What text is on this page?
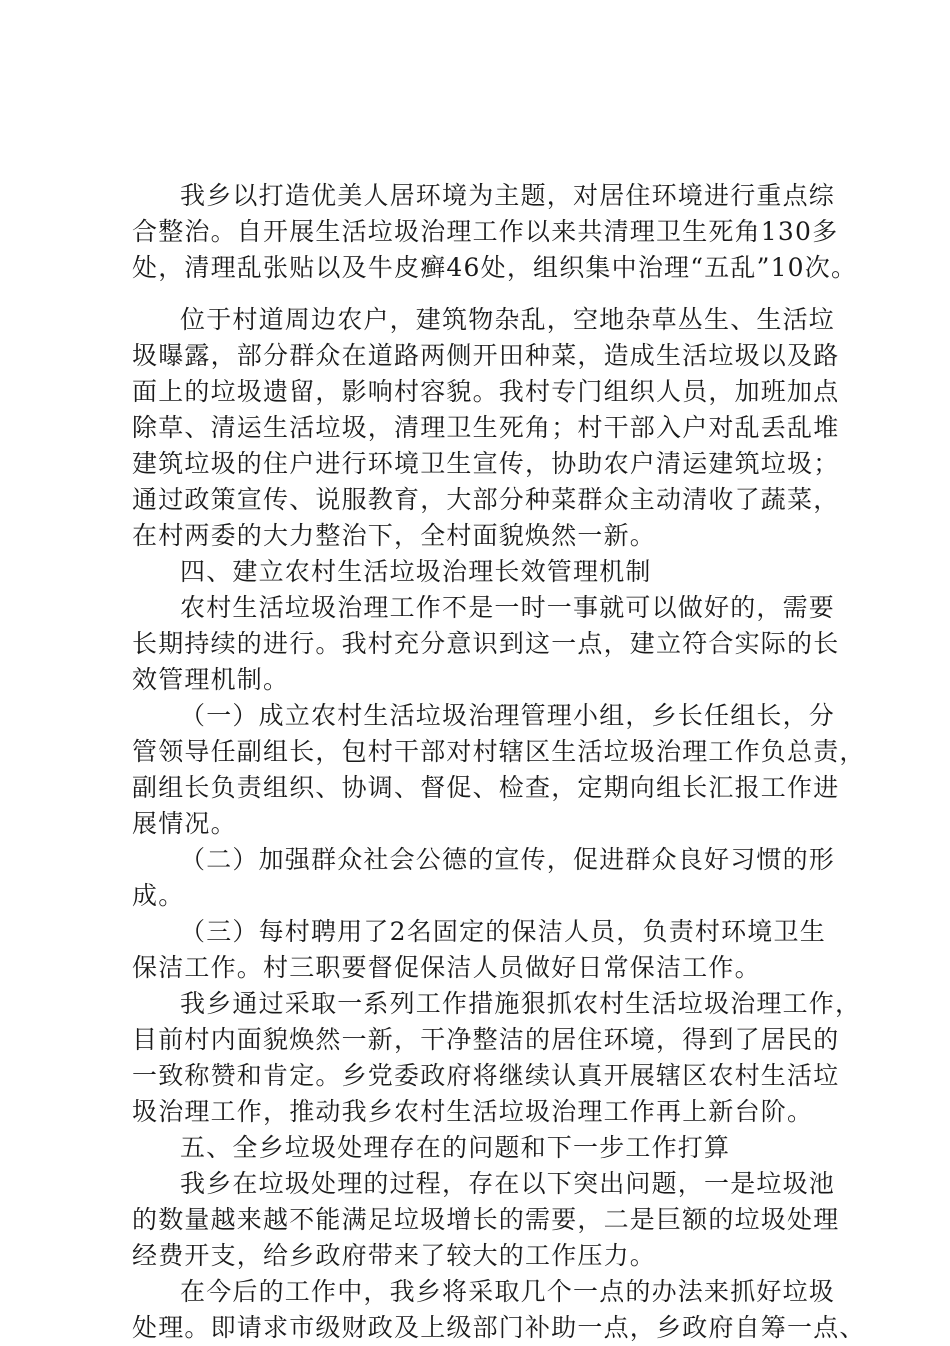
我乡以打造优美人居环境为主题，对居住环境进行重点综

合整治。自开展生活垃圾治理工作以来共清理卫生死角130多

处，清理乱张贴以及牛皮癣46处，组织集中治理“五乱”10次。

位于村道周边农户，建筑物杂乱，空地杂草丛生、生活垃

圾曝露，部分群众在道路两侧开田种菜，造成生活垃圾以及路

面上的垃圾遗留，影响村容貌。我村专门组织人员，加班加点

除草、清运生活垃圾，清理卫生死角；村干部入户对乱丢乱堆

建筑垃圾的住户进行环境卫生宣传，协助农户清运建筑垃圾；

通过政策宣传、说服教育，大部分种菜群众主动清收了蔬菜，

在村两委的大力整治下，全村面貌焕然一新。

四、建立农村生活垃圾治理长效管理机制

农村生活垃圾治理工作不是一时一事就可以做好的，需要

长期持续的进行。我村充分意识到这一点，建立符合实际的长

效管理机制。

（一）成立农村生活垃圾治理管理小组，乡长任组长，分

管领导任副组长，包村干部对村辖区生活垃圾治理工作负总责，

副组长负责组织、协调、督促、检查，定期向组长汇报工作进

展情况。

（二）加强群众社会公德的宣传，促进群众良好习惯的形

成。

（三）每村聘用了2名固定的保洁人员，负责村环境卫生

保洁工作。村三职要督促保洁人员做好日常保洁工作。

我乡通过采取一系列工作措施狠抓农村生活垃圾治理工作，

目前村内面貌焕然一新，干净整洁的居住环境，得到了居民的

一致称赞和肯定。乡党委政府将继续认真开展辖区农村生活垃

圾治理工作，推动我乡农村生活垃圾治理工作再上新台阶。

五、全乡垃圾处理存在的问题和下一步工作打算

我乡在垃圾处理的过程，存在以下突出问题，一是垃圾池

的数量越来越不能满足垃圾增长的需要，二是巨额的垃圾处理

经费开支，给乡政府带来了较大的工作压力。

在今后的工作中，我乡将采取几个一点的办法来抓好垃圾

处理。即请求市级财政及上级部门补助一点，乡政府自筹一点、
